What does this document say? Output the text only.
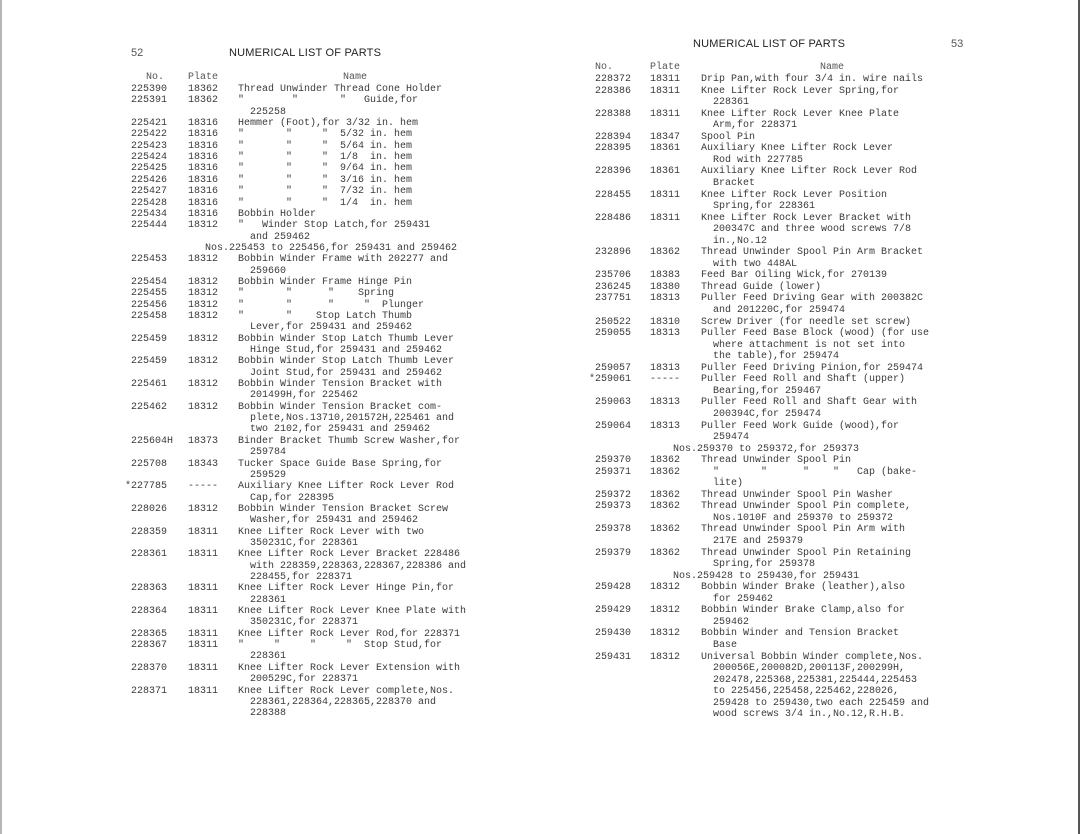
52	NUMERICAL LIST OF PARTS
No. Plate	Name
225390 18362 Thread Unwinder Thread Cone Holder
225391 18362 "        "       "   Guide,for
225258
225421 18316 Hemmer (Foot),for 3/32 in. hem
225422 18316 "       "     "  5/32 in. hem
225423 18316 "       "     "  5/64 in. hem
225424 18316 "       "     "  1/8  in. hem
225425 18316 "       "     "  9/64 in. hem
225426 18316 "       "     "  3/16 in. hem
225427 18316 "       "     "  7/32 in. hem
225428 18316 "       "     "  1/4  in. hem
225434 18316 Bobbin Holder
225444 18312 "   Winder Stop Latch,for 259431
and 259462
Nos.225453 to 225456,for 259431 and 259462
225453 18312 Bobbin Winder Frame with 202277 and
259660
225454 18312 Bobbin Winder Frame Hinge Pin
225455 18312 "       "      "    Spring
225456 18312 "       "      "     "  Plunger
225458 18312 "       "    Stop Latch Thumb
Lever,for 259431 and 259462
225459 18312 Bobbin Winder Stop Latch Thumb Lever
Hinge Stud,for 259431 and 259462
225459 18312 Bobbin Winder Stop Latch Thumb Lever
Joint Stud,for 259431 and 259462
225461 18312 Bobbin Winder Tension Bracket with
201499H,for 225462
225462 18312 Bobbin Winder Tension Bracket com-
plete,Nos.13710,201572H,225461 and
two 2102,for 259431 and 259462
225604H 18373 Binder Bracket Thumb Screw Washer,for
259784
225708 18343 Tucker Space Guide Base Spring,for
259529
*227785 ----- Auxiliary Knee Lifter Rock Lever Rod
Cap,for 228395
228026 18312 Bobbin Winder Tension Bracket Screw
Washer,for 259431 and 259462
228359 18311 Knee Lifter Rock Lever with two
350231C,for 228361
228361 18311 Knee Lifter Rock Lever Bracket 228486
with 228359,228363,228367,228386 and
228455,for 228371
228363 18311 Knee Lifter Rock Lever Hinge Pin,for
228361
228364 18311 Knee Lifter Rock Lever Knee Plate with
350231C,for 228371
228365 18311 Knee Lifter Rock Lever Rod,for 228371
228367 18311 "     "     "     "  Stop Stud,for
228361
228370 18311 Knee Lifter Rock Lever Extension with
200529C,for 228371
228371 18311 Knee Lifter Rock Lever complete,Nos.
228361,228364,228365,228370 and
228388
NUMERICAL LIST OF PARTS	53
No.	Plate	Name
228372 18311 Drip Pan,with four 3/4 in. wire nails
228386 18311 Knee Lifter Rock Lever Spring,for
228361
228388 18311 Knee Lifter Rock Lever Knee Plate
Arm,for 228371
228394 18347 Spool Pin
228395 18361 Auxiliary Knee Lifter Rock Lever
Rod with 227785
228396 18361 Auxiliary Knee Lifter Rock Lever Rod
Bracket
228455 18311 Knee Lifter Rock Lever Position
Spring,for 228361
228486 18311 Knee Lifter Rock Lever Bracket with
200347C and three wood screws 7/8
in.,No.12
232896 18362 Thread Unwinder Spool Pin Arm Bracket
with two 448AL
235706 18383 Feed Bar Oiling Wick,for 270139
236245 18380 Thread Guide (lower)
237751 18313 Puller Feed Driving Gear with 200382C
and 201220C,for 259474
250522 18310 Screw Driver (for needle set screw)
259055 18313 Puller Feed Base Block (wood) (for use
where attachment is not set into
the table),for 259474
259057 18313 Puller Feed Driving Pinion,for 259474
*259061 ----- Puller Feed Roll and Shaft (upper)
Bearing,for 259467
259063 18313 Puller Feed Roll and Shaft Gear with
200394C,for 259474
259064 18313 Puller Feed Work Guide (wood),for
259474
Nos.259370 to 259372,for 259373
259370 18362 Thread Unwinder Spool Pin
259371 18362 "       "      "    "   Cap (bake-
lite)
259372 18362 Thread Unwinder Spool Pin Washer
259373 18362 Thread Unwinder Spool Pin complete,
Nos.1010F and 259370 to 259372
259378 18362 Thread Unwinder Spool Pin Arm with
217E and 259379
259379 18362 Thread Unwinder Spool Pin Retaining
Spring,for 259378
Nos.259428 to 259430,for 259431
259428 18312 Bobbin Winder Brake (leather),also
for 259462
259429 18312 Bobbin Winder Brake Clamp,also for
259462
259430 18312 Bobbin Winder and Tension Bracket
Base
259431 18312 Universal Bobbin Winder complete,Nos.
200056E,200082D,200113F,200299H,
202478,225368,225381,225444,225453
to 225456,225458,225462,228026,
259428 to 259430,two each 225459 and
wood screws 3/4 in.,No.12,R.H.B.
